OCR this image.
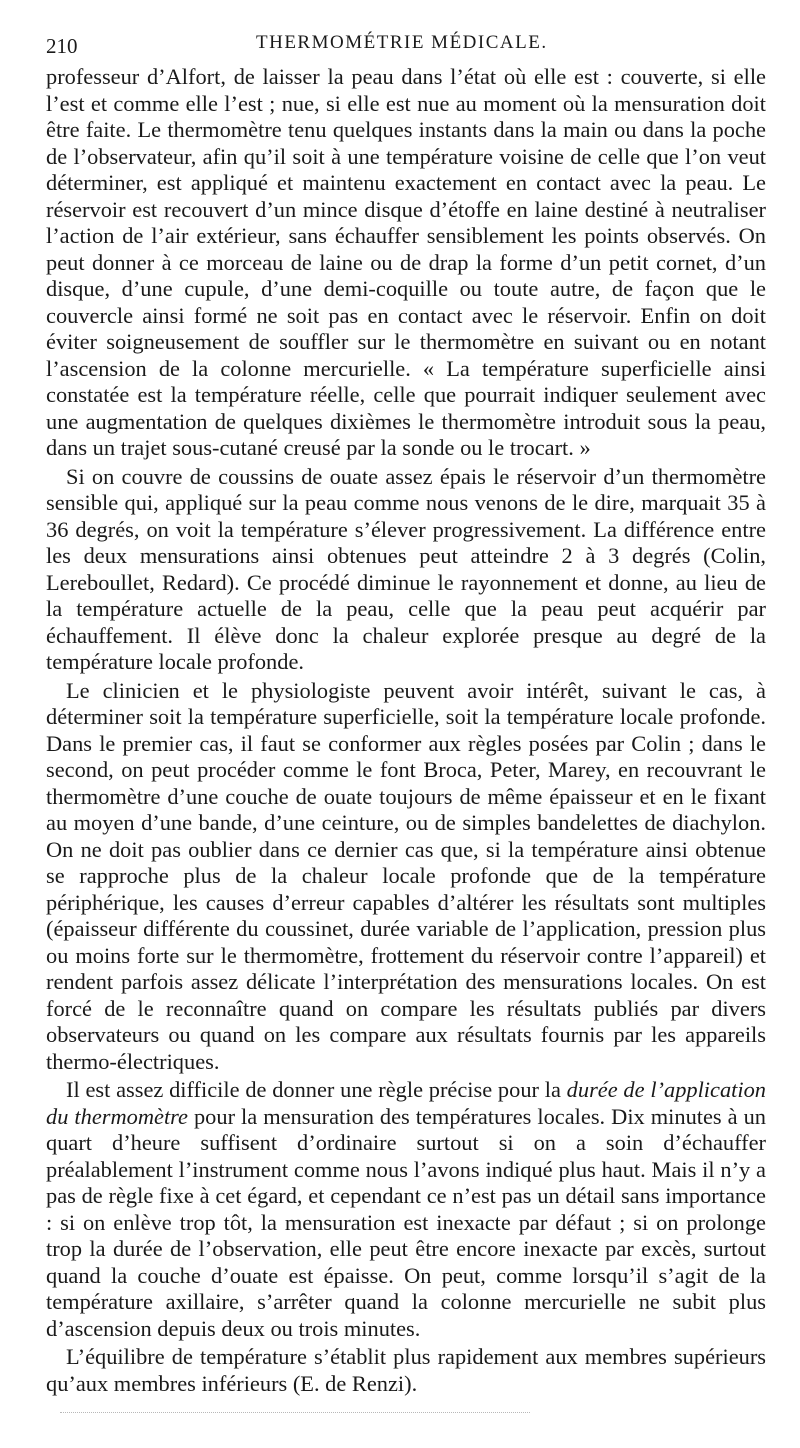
210	THERMOMÉTRIE MÉDICALE.

professeur d’Alfort, de laisser la peau dans l’état où elle est : couverte, si elle l’est et comme elle l’est ; nue, si elle est nue au moment où la mensuration doit être faite. Le thermomètre tenu quelques instants dans la main ou dans la poche de l’observateur, afin qu’il soit à une température voisine de celle que l’on veut déterminer, est appliqué et maintenu exactement en contact avec la peau. Le réservoir est recouvert d’un mince disque d’étoffe en laine destiné à neutraliser l’action de l’air extérieur, sans échauffer sensiblement les points observés. On peut donner à ce morceau de laine ou de drap la forme d’un petit cornet, d’un disque, d’une cupule, d’une demi-coquille ou toute autre, de façon que le couvercle ainsi formé ne soit pas en contact avec le réservoir. Enfin on doit éviter soigneusement de souffler sur le thermomètre en suivant ou en notant l’ascension de la colonne mercurielle. « La température superficielle ainsi constatée est la température réelle, celle que pourrait indiquer seulement avec une augmentation de quelques dixièmes le thermomètre introduit sous la peau, dans un trajet sous-cutané creusé par la sonde ou le trocart. »

Si on couvre de coussins de ouate assez épais le réservoir d’un thermomètre sensible qui, appliqué sur la peau comme nous venons de le dire, marquait 35 à 36 degrés, on voit la température s’élever progressivement. La différence entre les deux mensurations ainsi obtenues peut atteindre 2 à 3 degrés (Colin, Lereboullet, Redard). Ce procédé diminue le rayonnement et donne, au lieu de la température actuelle de la peau, celle que la peau peut acquérir par échauffement. Il élève donc la chaleur explorée presque au degré de la température locale profonde.

Le clinicien et le physiologiste peuvent avoir intérêt, suivant le cas, à déterminer soit la température superficielle, soit la température locale profonde. Dans le premier cas, il faut se conformer aux règles posées par Colin ; dans le second, on peut procéder comme le font Broca, Peter, Marey, en recouvrant le thermomètre d’une couche de ouate toujours de même épaisseur et en le fixant au moyen d’une bande, d’une ceinture, ou de simples bandelettes de diachylon. On ne doit pas oublier dans ce dernier cas que, si la température ainsi obtenue se rapproche plus de la chaleur locale profonde que de la température périphérique, les causes d’erreur capables d’altérer les résultats sont multiples (épaisseur différente du coussinet, durée variable de l’application, pression plus ou moins forte sur le thermomètre, frottement du réservoir contre l’appareil) et rendent parfois assez délicate l’interprétation des mensurations locales. On est forcé de le reconnaître quand on compare les résultats publiés par divers observateurs ou quand on les compare aux résultats fournis par les appareils thermo-électriques.

Il est assez difficile de donner une règle précise pour la durée de l’application du thermomètre pour la mensuration des températures locales. Dix minutes à un quart d’heure suffisent d’ordinaire surtout si on a soin d’échauffer préalablement l’instrument comme nous l’avons indiqué plus haut. Mais il n’y a pas de règle fixe à cet égard, et cependant ce n’est pas un détail sans importance : si on enlève trop tôt, la mensuration est inexacte par défaut ; si on prolonge trop la durée de l’observation, elle peut être encore inexacte par excès, surtout quand la couche d’ouate est épaisse. On peut, comme lorsqu’il s’agit de la température axillaire, s’arrêter quand la colonne mercurielle ne subit plus d’ascension depuis deux ou trois minutes.

L’équilibre de température s’établit plus rapidement aux membres supérieurs qu’aux membres inférieurs (E. de Renzi).
